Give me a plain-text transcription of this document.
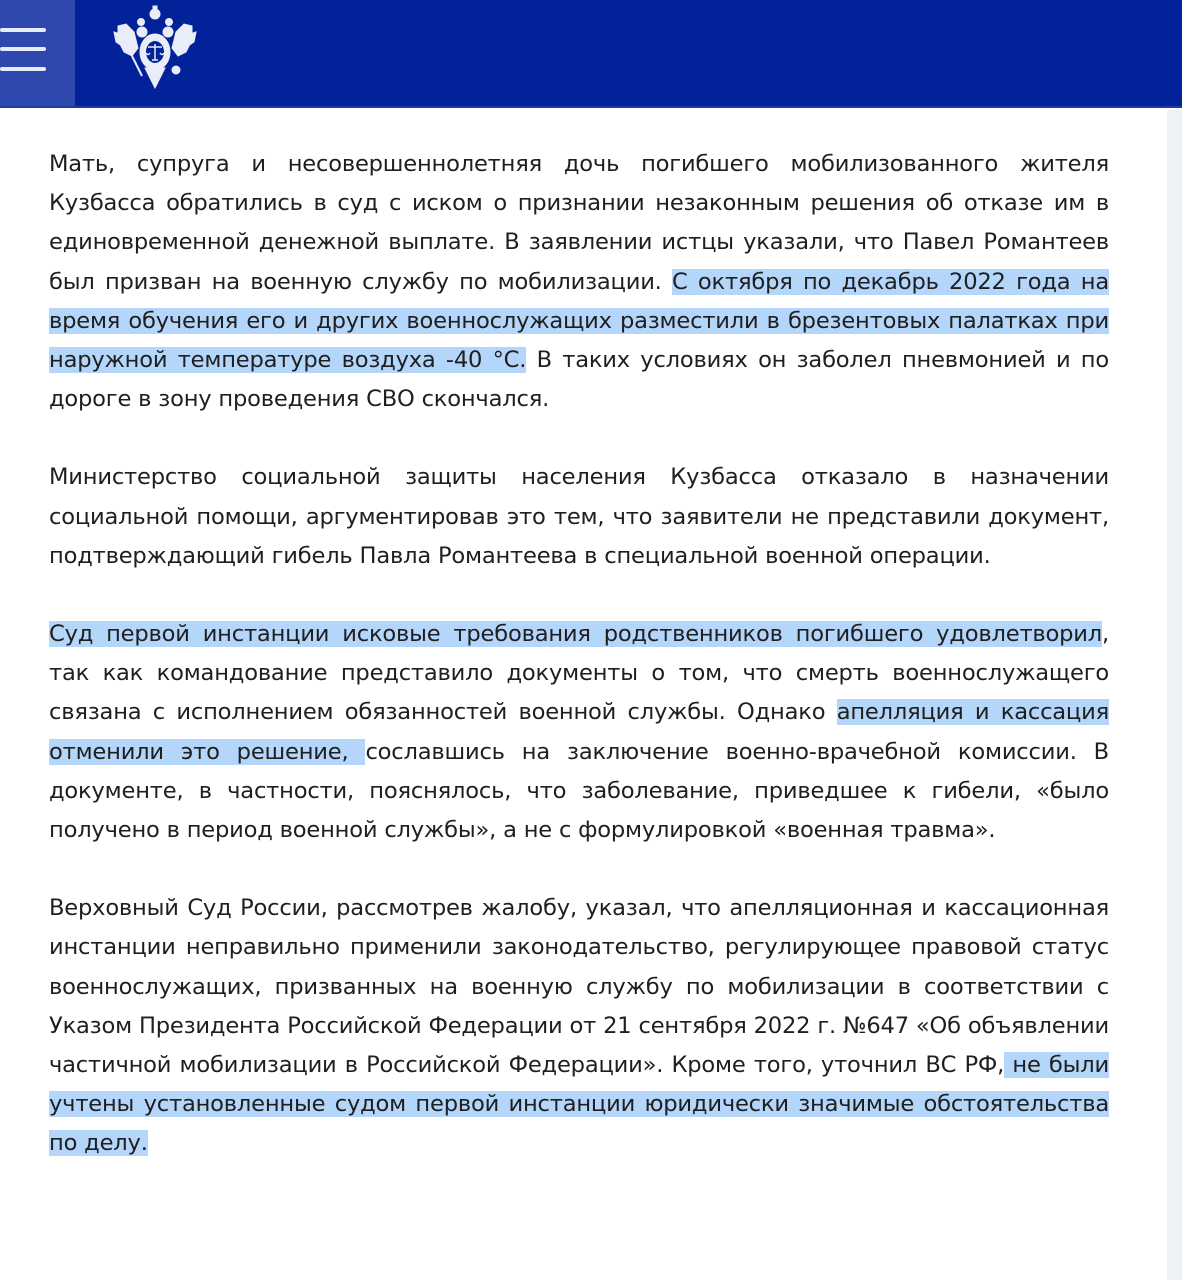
Мать, супруга и несовершеннолетняя дочь погибшего мобилизованного жителя Кузбасса обратились в суд с иском о признании незаконным решения об отказе им в единовременной денежной выплате. В заявлении истцы указали, что Павел Романтеев был призван на военную службу по мобилизации. С октября по декабрь 2022 года на время обучения его и других военнослужащих разместили в брезентовых палатках при наружной температуре воздуха -40 °C. В таких условиях он заболел пневмонией и по дороге в зону проведения СВО скончался.

Министерство социальной защиты населения Кузбасса отказало в назначении социальной помощи, аргументировав это тем, что заявители не представили документ, подтверждающий гибель Павла Романтеева в специальной военной операции.

Суд первой инстанции исковые требования родственников погибшего удовлетворил, так как командование представило документы о том, что смерть военнослужащего связана с исполнением обязанностей военной службы. Однако апелляция и кассация отменили это решение, сославшись на заключение военно-врачебной комиссии. В документе, в частности, пояснялось, что заболевание, приведшее к гибели, «было получено в период военной службы», а не с формулировкой «военная травма».

Верховный Суд России, рассмотрев жалобу, указал, что апелляционная и кассационная инстанции неправильно применили законодательство, регулирующее правовой статус военнослужащих, призванных на военную службу по мобилизации в соответствии с Указом Президента Российской Федерации от 21 сентября 2022 г. №647 «Об объявлении частичной мобилизации в Российской Федерации». Кроме того, уточнил ВС РФ, не были учтены установленные судом первой инстанции юридически значимые обстоятельства по делу.
